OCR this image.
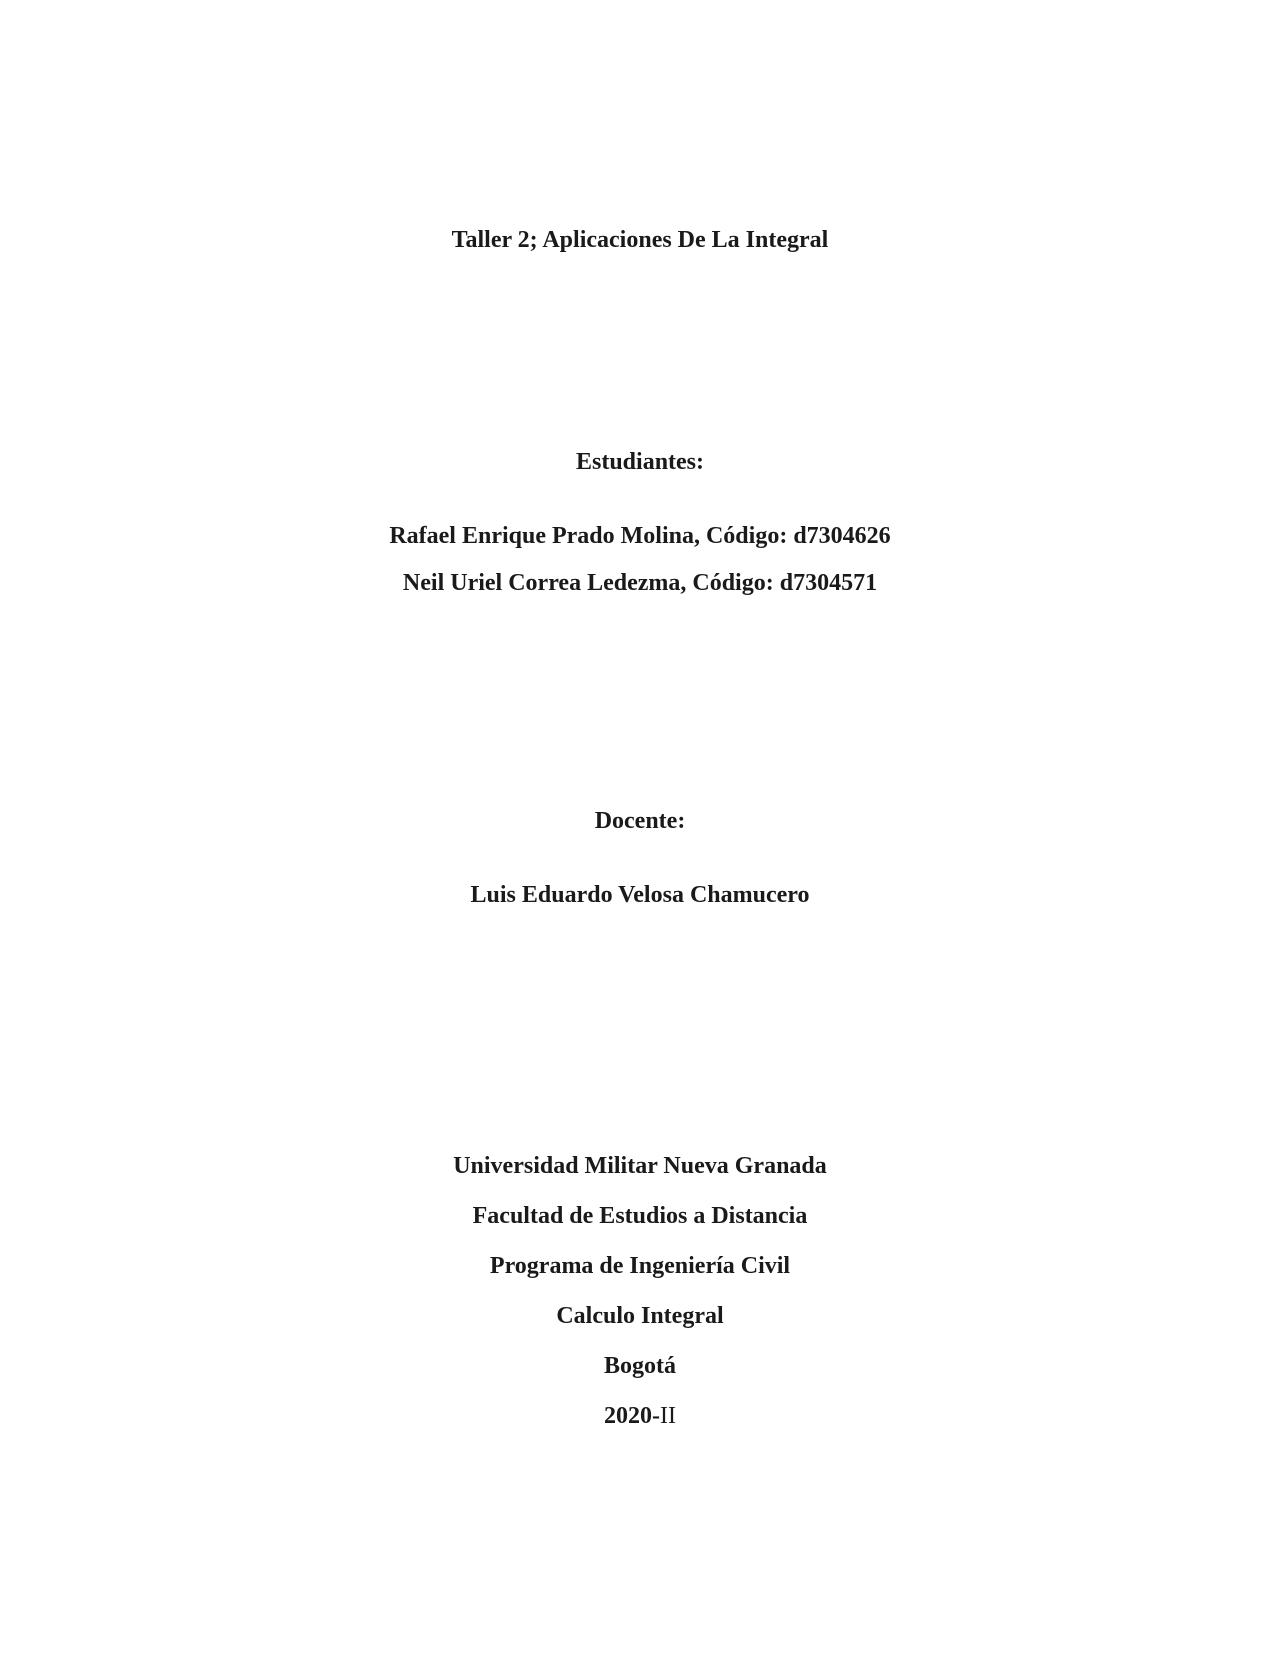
Taller 2; Aplicaciones De La Integral
Estudiantes:
Rafael Enrique Prado Molina, Código: d7304626
Neil Uriel Correa Ledezma, Código: d7304571
Docente:
Luis Eduardo Velosa Chamucero
Universidad Militar Nueva Granada
Facultad de Estudios a Distancia
Programa de Ingeniería Civil
Calculo Integral
Bogotá
2020-II
